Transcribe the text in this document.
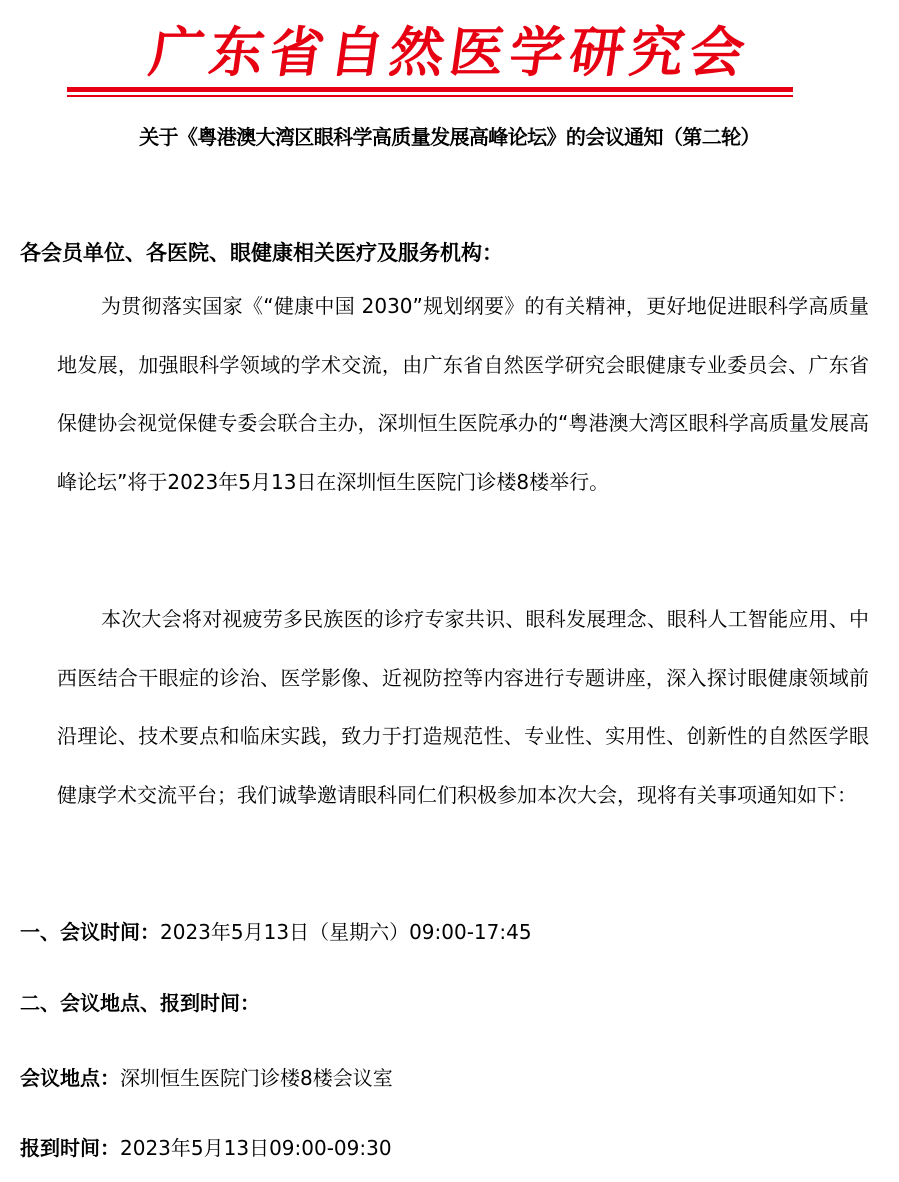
广东省自然医学研究会
关于《粤港澳大湾区眼科学高质量发展高峰论坛》的会议通知（第二轮）
各会员单位、各医院、眼健康相关医疗及服务机构：
为贯彻落实国家《“健康中国 2030”规划纲要》的有关精神，更好地促进眼科学高质量地发展，加强眼科学领域的学术交流，由广东省自然医学研究会眼健康专业委员会、广东省保健协会视觉保健专委会联合主办，深圳恒生医院承办的“粤港澳大湾区眼科学高质量发展高峰论坛”将于2023年5月13日在深圳恒生医院门诊楼8楼举行。
本次大会将对视疲劳多民族医的诊疗专家共识、眼科发展理念、眼科人工智能应用、中西医结合干眼症的诊治、医学影像、近视防控等内容进行专题讲座，深入探讨眼健康领域前沿理论、技术要点和临床实践，致力于打造规范性、专业性、实用性、创新性的自然医学眼健康学术交流平台；我们诚挚邀请眼科同仁们积极参加本次大会，现将有关事项通知如下：
一、会议时间：2023年5月13日（星期六）09:00-17:45
二、会议地点、报到时间：
会议地点：深圳恒生医院门诊楼8楼会议室
报到时间：2023年5月13日09:00-09:30
